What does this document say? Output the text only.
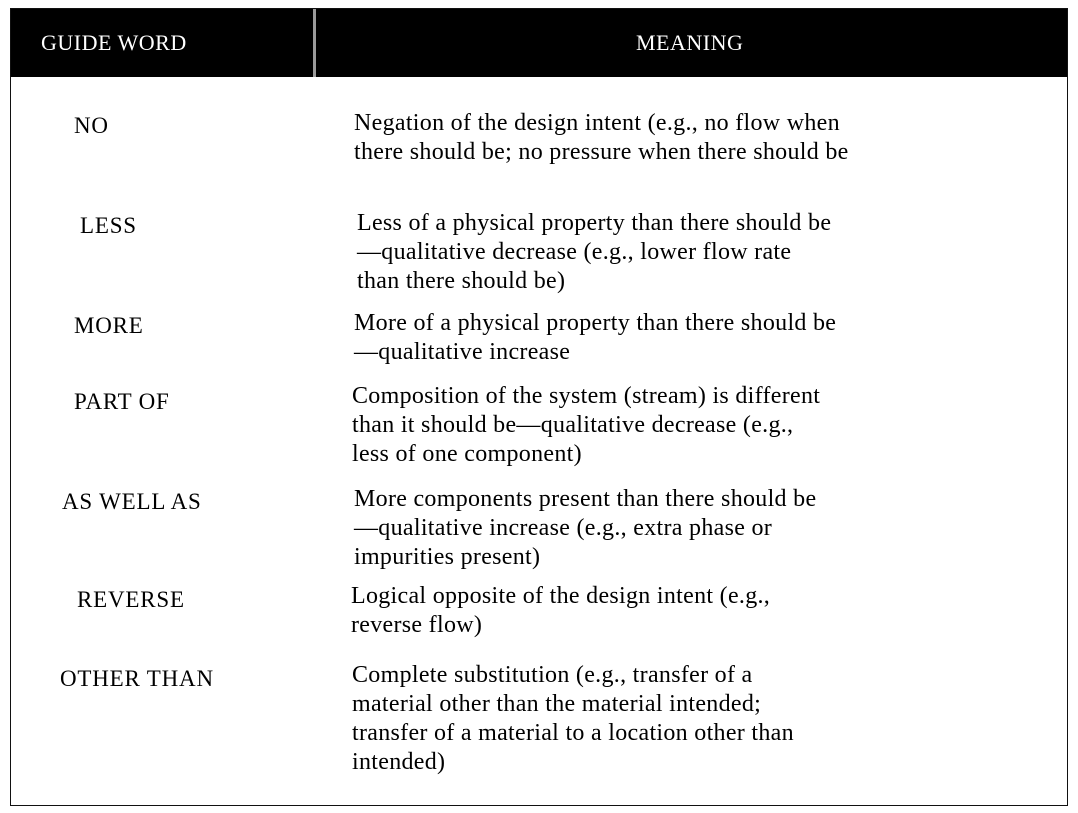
GUIDE WORD	MEANING
NO	Negation of the design intent (e.g., no flow when
there should be; no pressure when there should be
LESS	Less of a physical property than there should be
—qualitative decrease (e.g., lower flow rate
than there should be)
MORE	More of a physical property than there should be
—qualitative increase
PART OF	Composition of the system (stream) is different
than it should be—qualitative decrease (e.g.,
less of one component)
AS WELL AS	More components present than there should be
—qualitative increase (e.g., extra phase or
impurities present)
REVERSE	Logical opposite of the design intent (e.g.,
reverse flow)
OTHER THAN	Complete substitution (e.g., transfer of a
material other than the material intended;
transfer of a material to a location other than
intended)
